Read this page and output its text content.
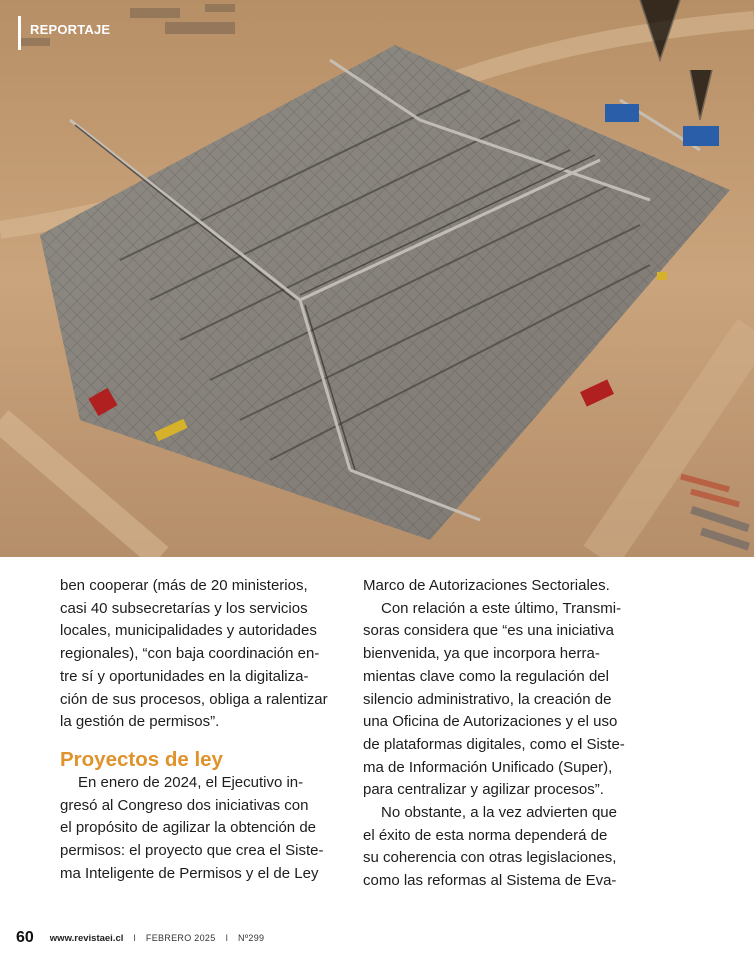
REPORTAJE

ben cooperar (más de 20 ministerios,
casi 40 subsecretarías y los servicios
locales, municipalidades y autoridades
regionales), “con baja coordinación en-
tre sí y oportunidades en la digitaliza-
ción de sus procesos, obliga a ralentizar
la gestión de permisos”.

Proyectos de ley

En enero de 2024, el Ejecutivo in-
gresó al Congreso dos iniciativas con
el propósito de agilizar la obtención de
permisos: el proyecto que crea el Siste-
ma Inteligente de Permisos y el de Ley

Marco de Autorizaciones Sectoriales.

Con relación a este último, Transmi-
soras considera que “es una iniciativa
bienvenida, ya que incorpora herra-
mientas clave como la regulación del
silencio administrativo, la creación de
una Oficina de Autorizaciones y el uso
de plataformas digitales, como el Siste-
ma de Información Unificado (Super),
para centralizar y agilizar procesos”.

No obstante, a la vez advierten que
el éxito de esta norma dependerá de
su coherencia con otras legislaciones,
como las reformas al Sistema de Eva-

60 www.revistaei.cl I FEBRERO 2025 I Nº299
